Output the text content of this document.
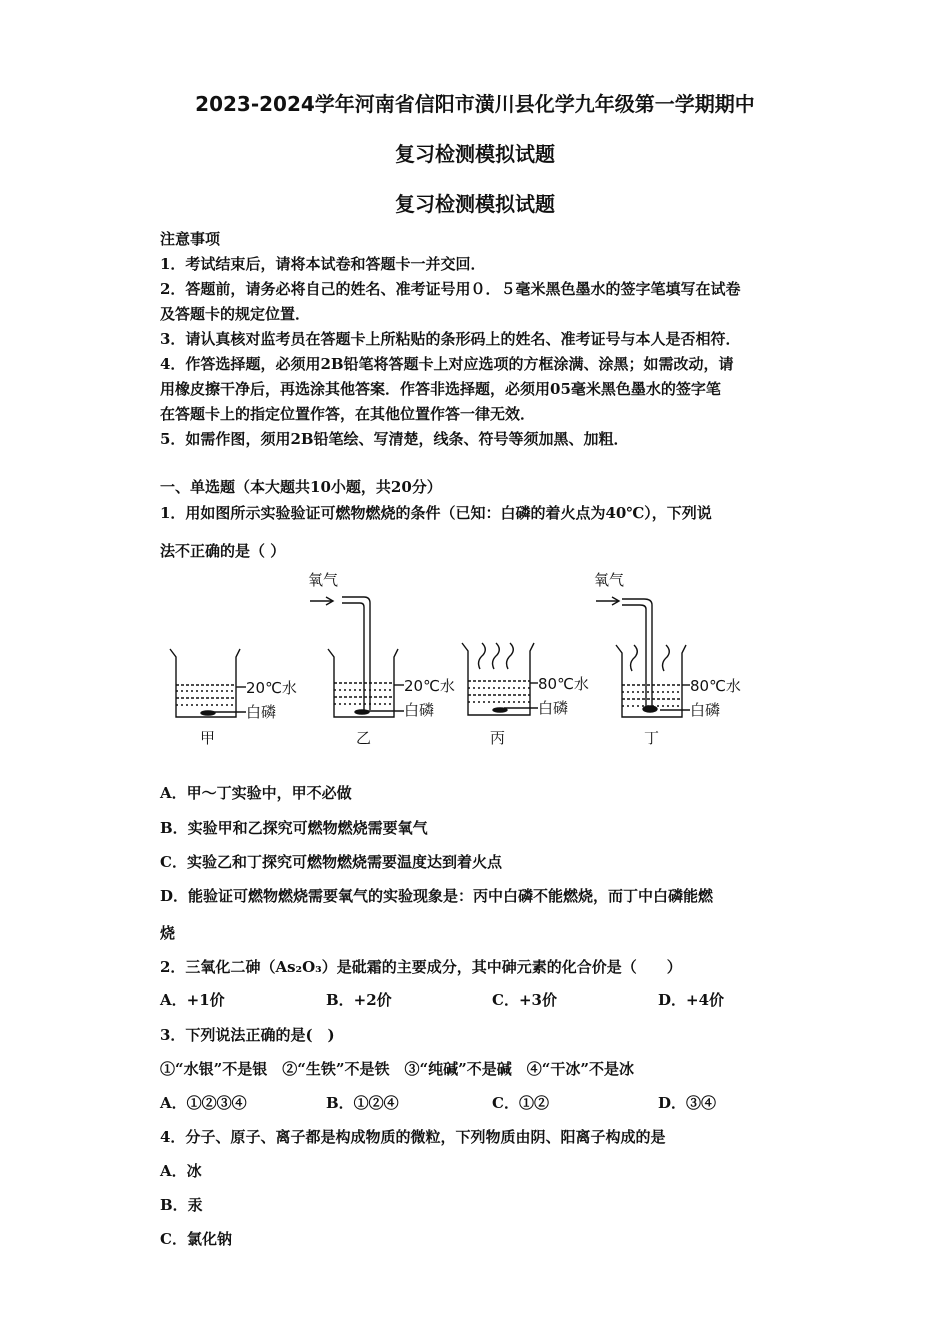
2023-2024学年河南省信阳市潢川县化学九年级第一学期期中
复习检测模拟试题
复习检测模拟试题
注意事项
1．考试结束后，请将本试卷和答题卡一并交回．
2．答题前，请务必将自己的姓名、准考证号用０．５毫米黑色墨水的签字笔填写在试卷
及答题卡的规定位置．
3．请认真核对监考员在答题卡上所粘贴的条形码上的姓名、准考证号与本人是否相符．
4．作答选择题，必须用2B铅笔将答题卡上对应选项的方框涂满、涂黑；如需改动，请
用橡皮擦干净后，再选涂其他答案．作答非选择题，必须用05毫米黑色墨水的签字笔
在答题卡上的指定位置作答，在其他位置作答一律无效．
5．如需作图，须用2B铅笔绘、写清楚，线条、符号等须加黑、加粗．
一、单选题（本大题共10小题，共20分）
1．用如图所示实验验证可燃物燃烧的条件（已知：白磷的着火点为40℃），下列说
法不正确的是（ ）
氧气	氧气
20℃水
白磷
20℃水
白磷
80℃水
白磷
80℃水
白磷
甲	乙	丙	丁
A．甲～丁实验中，甲不必做
B．实验甲和乙探究可燃物燃烧需要氧气
C．实验乙和丁探究可燃物燃烧需要温度达到着火点
D．能验证可燃物燃烧需要氧气的实验现象是：丙中白磷不能燃烧，而丁中白磷能燃
烧
2．三氧化二砷（As₂O₃）是砒霜的主要成分，其中砷元素的化合价是（　　）
A．+1价	B．+2价	C．+3价	D．+4价
3．下列说法正确的是(　)
①“水银”不是银　②“生铁”不是铁　③“纯碱”不是碱　④“干冰”不是冰
A．①②③④	B．①②④	C．①②	D．③④
4．分子、原子、离子都是构成物质的微粒，下列物质由阴、阳离子构成的是
A．冰
B．汞
C．氯化钠
